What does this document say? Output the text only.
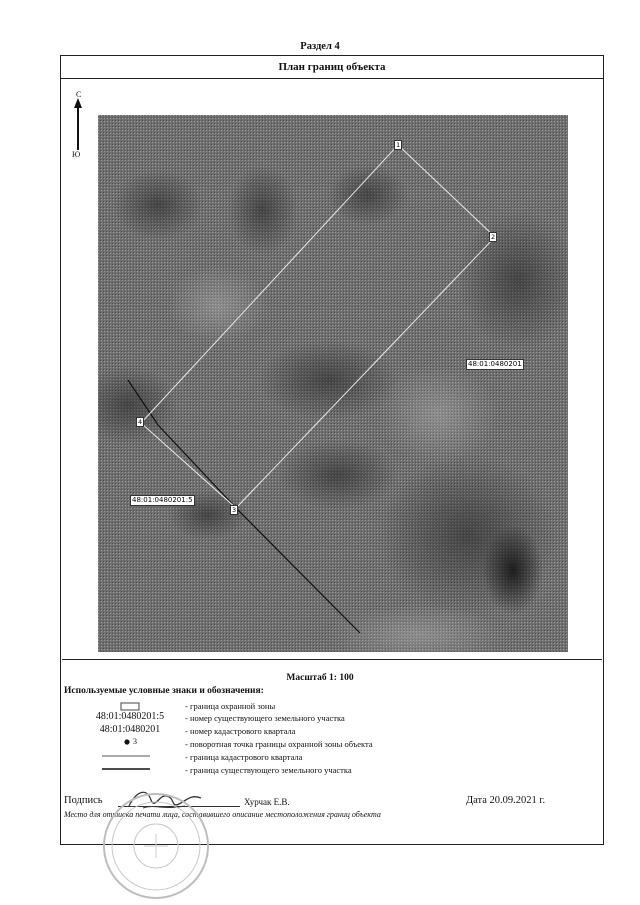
Раздел 4
План границ объекта
С
Ю
1
2
3
4
48:01:0480201
48:01:0480201:5
Масштаб 1: 100
Используемые условные знаки и обозначения:
- граница охранной зоны
48:01:0480201:5	- номер существующего земельного участка
48:01:0480201	- номер кадастрового квартала
3	- поворотная точка границы охранной зоны объекта
- граница кадастрового квартала
- граница существующего земельного участка
Подпись	Хурчак Е.В.	Дата 20.09.2021 г.
Место для оттиска печати лица, составившего описание местоположения границ объекта
